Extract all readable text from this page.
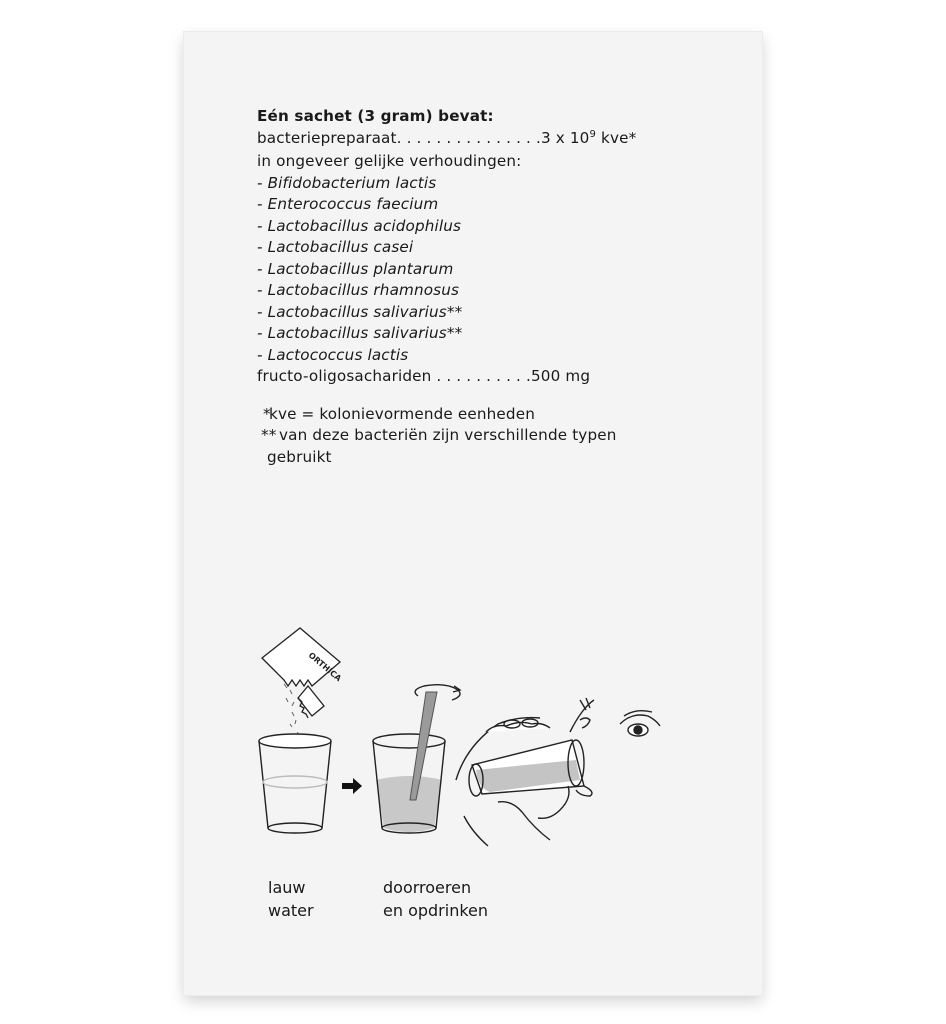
Eén sachet (3 gram) bevat:
bacteriepreparaat. . . . . . . . . . . . . . .3 x $10^9$ kve*
in ongeveer gelijke verhoudingen:
- Bifidobacterium lactis
- Enterococcus faecium
- Lactobacillus acidophilus
- Lactobacillus casei
- Lactobacillus plantarum
- Lactobacillus rhamnosus
- Lactobacillus salivarius**
- Lactobacillus salivarius**
- Lactococcus lactis
fructo-oligosachariden . . . . . . . . . .500 mg
*
kve = kolonievormende eenheden
** van deze bacteriën zijn verschillende typen
gebruikt
ORTHICA
lauw
water
doorroeren
en opdrinken
